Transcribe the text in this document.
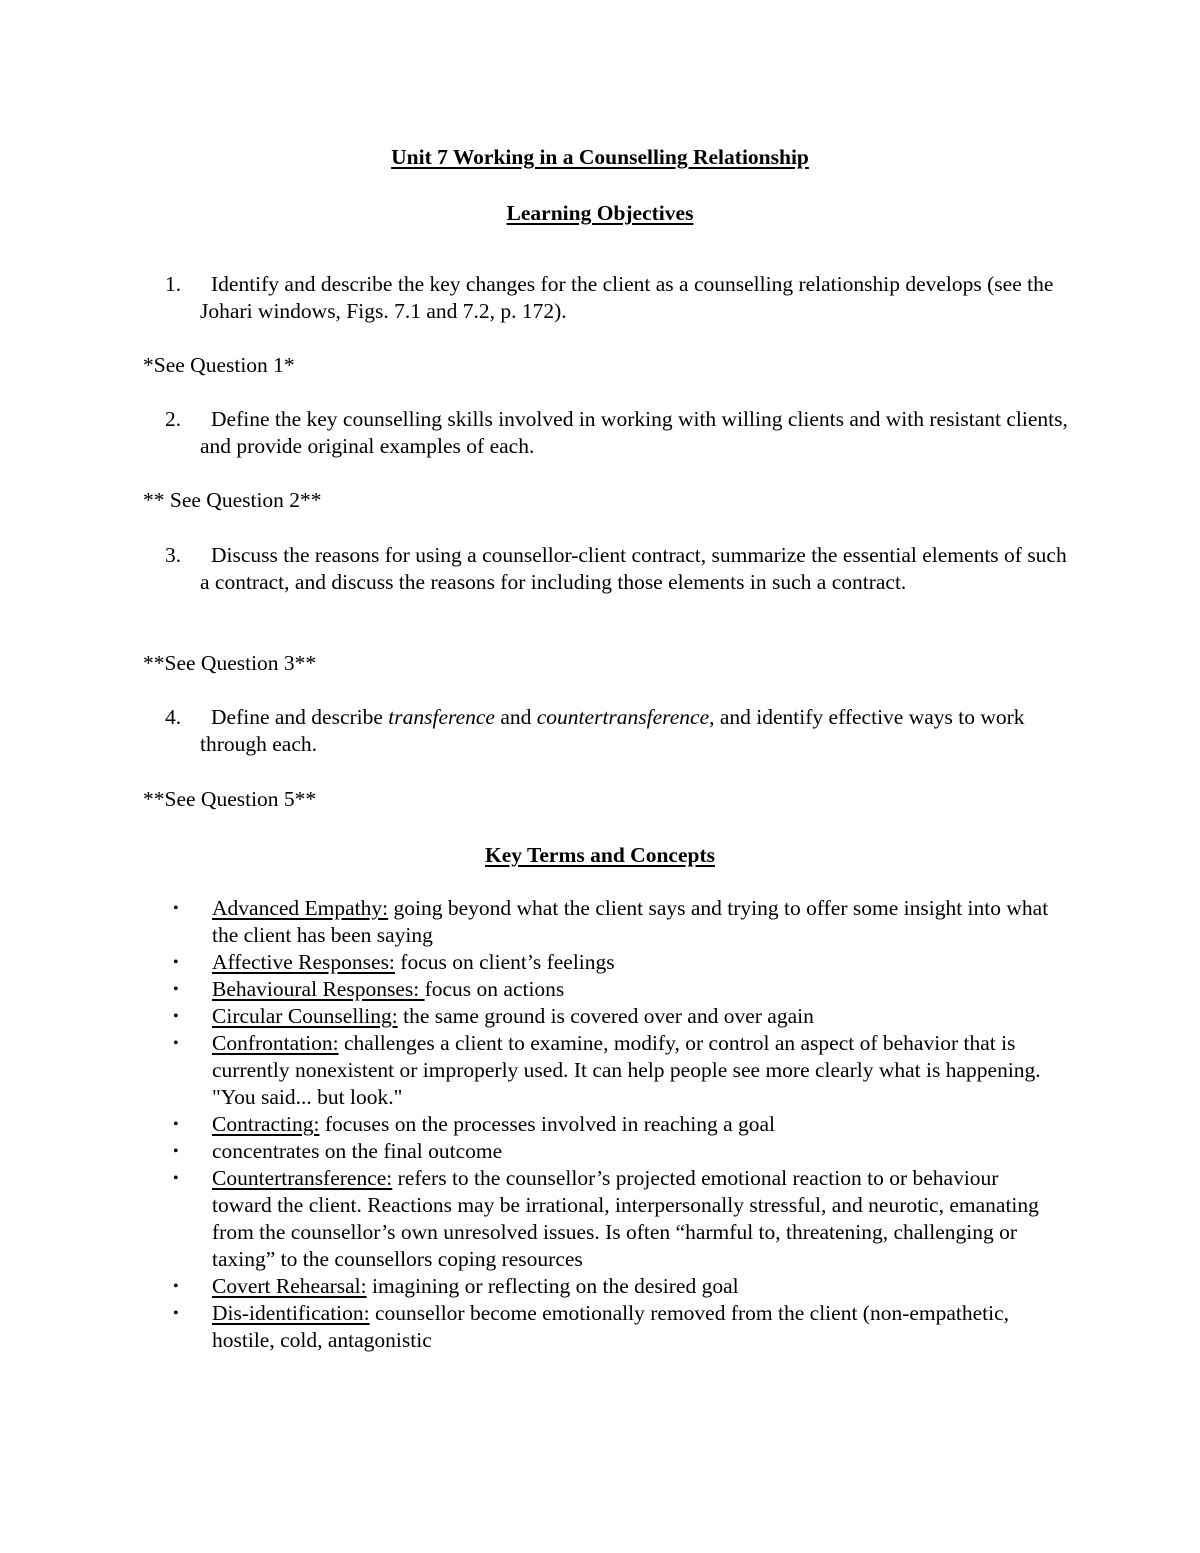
Unit 7 Working in a Counselling Relationship
Learning Objectives
1.	Identify and describe the key changes for the client as a counselling relationship develops (see the Johari windows, Figs. 7.1 and 7.2, p. 172).
*See Question 1*
2.	Define the key counselling skills involved in working with willing clients and with resistant clients, and provide original examples of each.
** See Question 2**
3.	Discuss the reasons for using a counsellor-client contract, summarize the essential elements of such a contract, and discuss the reasons for including those elements in such a contract.
**See Question 3**
4.	Define and describe transference and countertransference, and identify effective ways to work through each.
**See Question 5**
Key Terms and Concepts
• Advanced Empathy: going beyond what the client says and trying to offer some insight into what the client has been saying
• Affective Responses: focus on client’s feelings
• Behavioural Responses: focus on actions
• Circular Counselling: the same ground is covered over and over again
• Confrontation: challenges a client to examine, modify, or control an aspect of behavior that is currently nonexistent or improperly used. It can help people see more clearly what is happening. "You said... but look."
• Contracting: focuses on the processes involved in reaching a goal
• concentrates on the final outcome
• Countertransference: refers to the counsellor’s projected emotional reaction to or behaviour toward the client. Reactions may be irrational, interpersonally stressful, and neurotic, emanating from the counsellor’s own unresolved issues. Is often “harmful to, threatening, challenging or taxing” to the counsellors coping resources
• Covert Rehearsal: imagining or reflecting on the desired goal
• Dis-identification: counsellor become emotionally removed from the client (non-empathetic, hostile, cold, antagonistic
